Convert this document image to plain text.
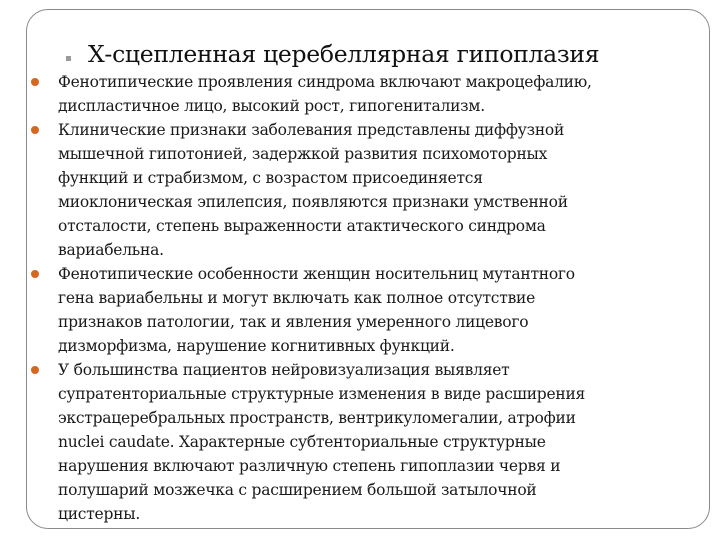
Х-сцепленная церебеллярная гипоплазия
Фенотипические проявления синдрома включают макроцефалию,
диспластичное лицо, высокий рост, гипогенитализм.
Клинические признаки заболевания представлены диффузной
мышечной гипотонией, задержкой развития психомоторных
функций и страбизмом, с возрастом присоединяется
миоклоническая эпилепсия, появляются признаки умственной
отсталости, степень выраженности атактического синдрома
вариабельна.
Фенотипические особенности женщин носительниц мутантного
гена вариабельны и могут включать как полное отсутствие
признаков патологии, так и явления умеренного лицевого
дизморфизма, нарушение когнитивных функций.
У большинства пациентов нейровизуализация выявляет
супратенториальные структурные изменения в виде расширения
экстрацеребральных пространств, вентрикуломегалии, атрофии
nuclei caudate. Характерные субтенториальные структурные
нарушения включают различную степень гипоплазии червя и
полушарий мозжечка с расширением большой затылочной
цистерны.
